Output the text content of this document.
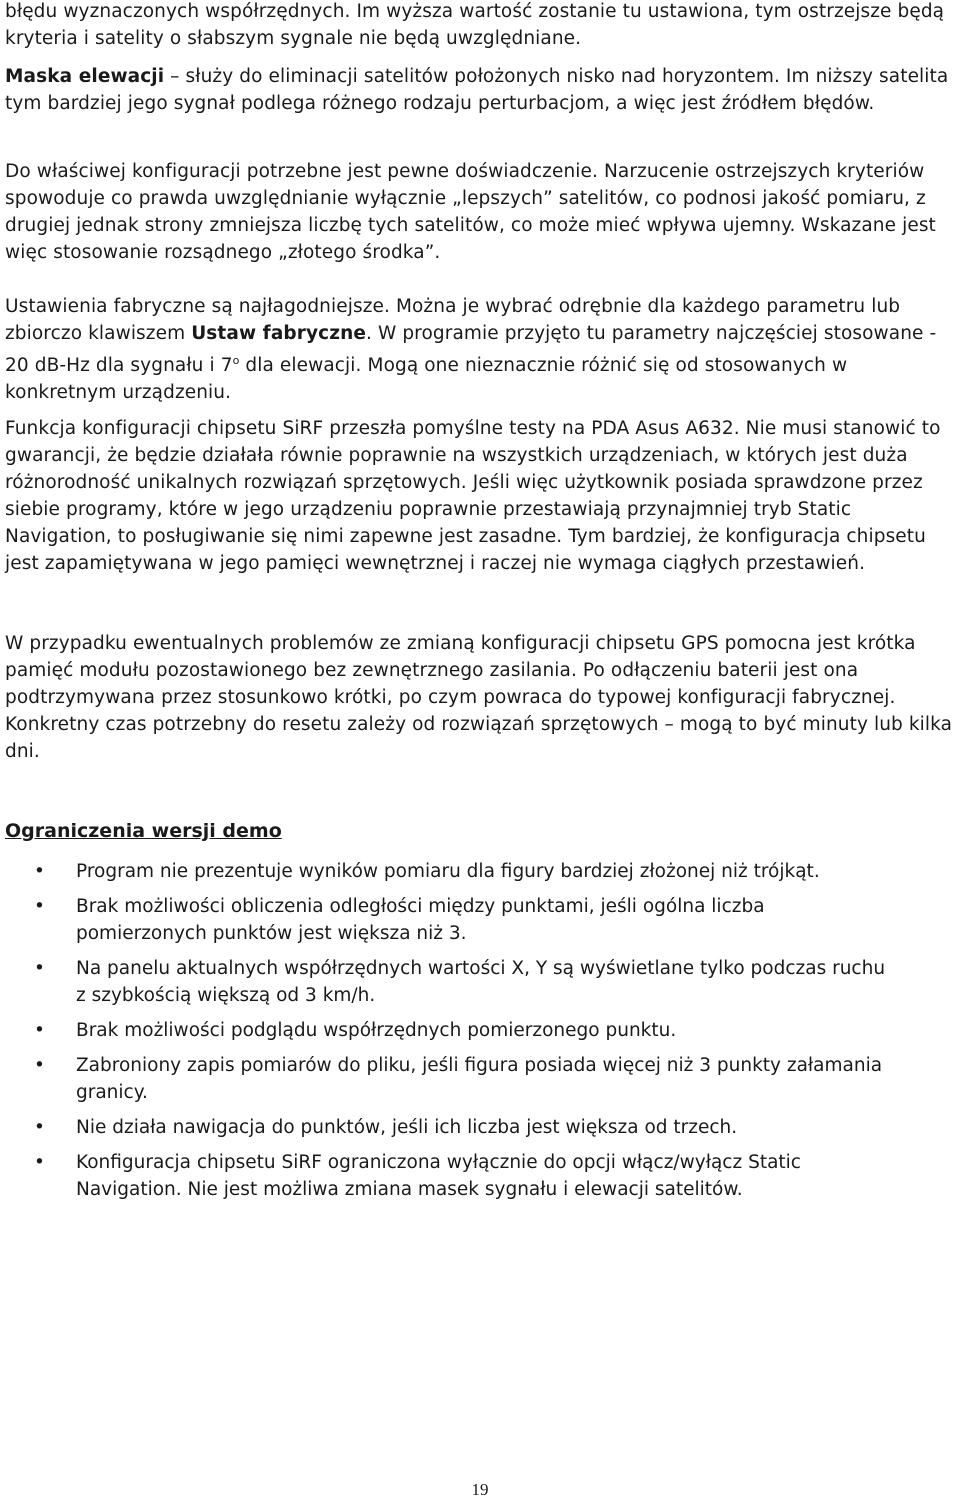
błędu wyznaczonych współrzędnych. Im wyższa wartość zostanie tu ustawiona, tym ostrzejsze będą kryteria i satelity o słabszym sygnale nie będą uwzględniane.

Maska elewacji – służy do eliminacji satelitów położonych nisko nad horyzontem. Im niższy satelita tym bardziej jego sygnał podlega różnego rodzaju perturbacjom, a więc jest źródłem błędów.

Do właściwej konfiguracji potrzebne jest pewne doświadczenie. Narzucenie ostrzejszych kryteriów spowoduje co prawda uwzględnianie wyłącznie „lepszych” satelitów, co podnosi jakość pomiaru, z drugiej jednak strony zmniejsza liczbę tych satelitów, co może mieć wpływa ujemny. Wskazane jest więc stosowanie rozsądnego „złotego środka”.

Ustawienia fabryczne są najłagodniejsze. Można je wybrać odrębnie dla każdego parametru lub zbiorczo klawiszem Ustaw fabryczne. W programie przyjęto tu parametry najczęściej stosowane - 20 dB-Hz dla sygnału i 7$^o$ dla elewacji. Mogą one nieznacznie różnić się od stosowanych w konkretnym urządzeniu.

Funkcja konfiguracji chipsetu SiRF przeszła pomyślne testy na PDA Asus A632. Nie musi stanowić to gwarancji, że będzie działała równie poprawnie na wszystkich urządzeniach, w których jest duża różnorodność unikalnych rozwiązań sprzętowych. Jeśli więc użytkownik posiada sprawdzone przez siebie programy, które w jego urządzeniu poprawnie przestawiają przynajmniej tryb Static Navigation, to posługiwanie się nimi zapewne jest zasadne. Tym bardziej, że konfiguracja chipsetu jest zapamiętywana w jego pamięci wewnętrznej i raczej nie wymaga ciągłych przestawień.

W przypadku ewentualnych problemów ze zmianą konfiguracji chipsetu GPS pomocna jest krótka pamięć modułu pozostawionego bez zewnętrznego zasilania. Po odłączeniu baterii jest ona podtrzymywana przez stosunkowo krótki, po czym powraca do typowej konfiguracji fabrycznej. Konkretny czas potrzebny do resetu zależy od rozwiązań sprzętowych – mogą to być minuty lub kilka dni.

Ograniczenia wersji demo
• Program nie prezentuje wyników pomiaru dla figury bardziej złożonej niż trójkąt.
• Brak możliwości obliczenia odległości między punktami, jeśli ogólna liczba pomierzonych punktów jest większa niż 3.
• Na panelu aktualnych współrzędnych wartości X, Y są wyświetlane tylko podczas ruchu z szybkością większą od 3 km/h.
• Brak możliwości podglądu współrzędnych pomierzonego punktu.
• Zabroniony zapis pomiarów do pliku, jeśli figura posiada więcej niż 3 punkty załamania granicy.
• Nie działa nawigacja do punktów, jeśli ich liczba jest większa od trzech.
• Konfiguracja chipsetu SiRF ograniczona wyłącznie do opcji włącz/wyłącz Static Navigation. Nie jest możliwa zmiana masek sygnału i elewacji satelitów.
19
